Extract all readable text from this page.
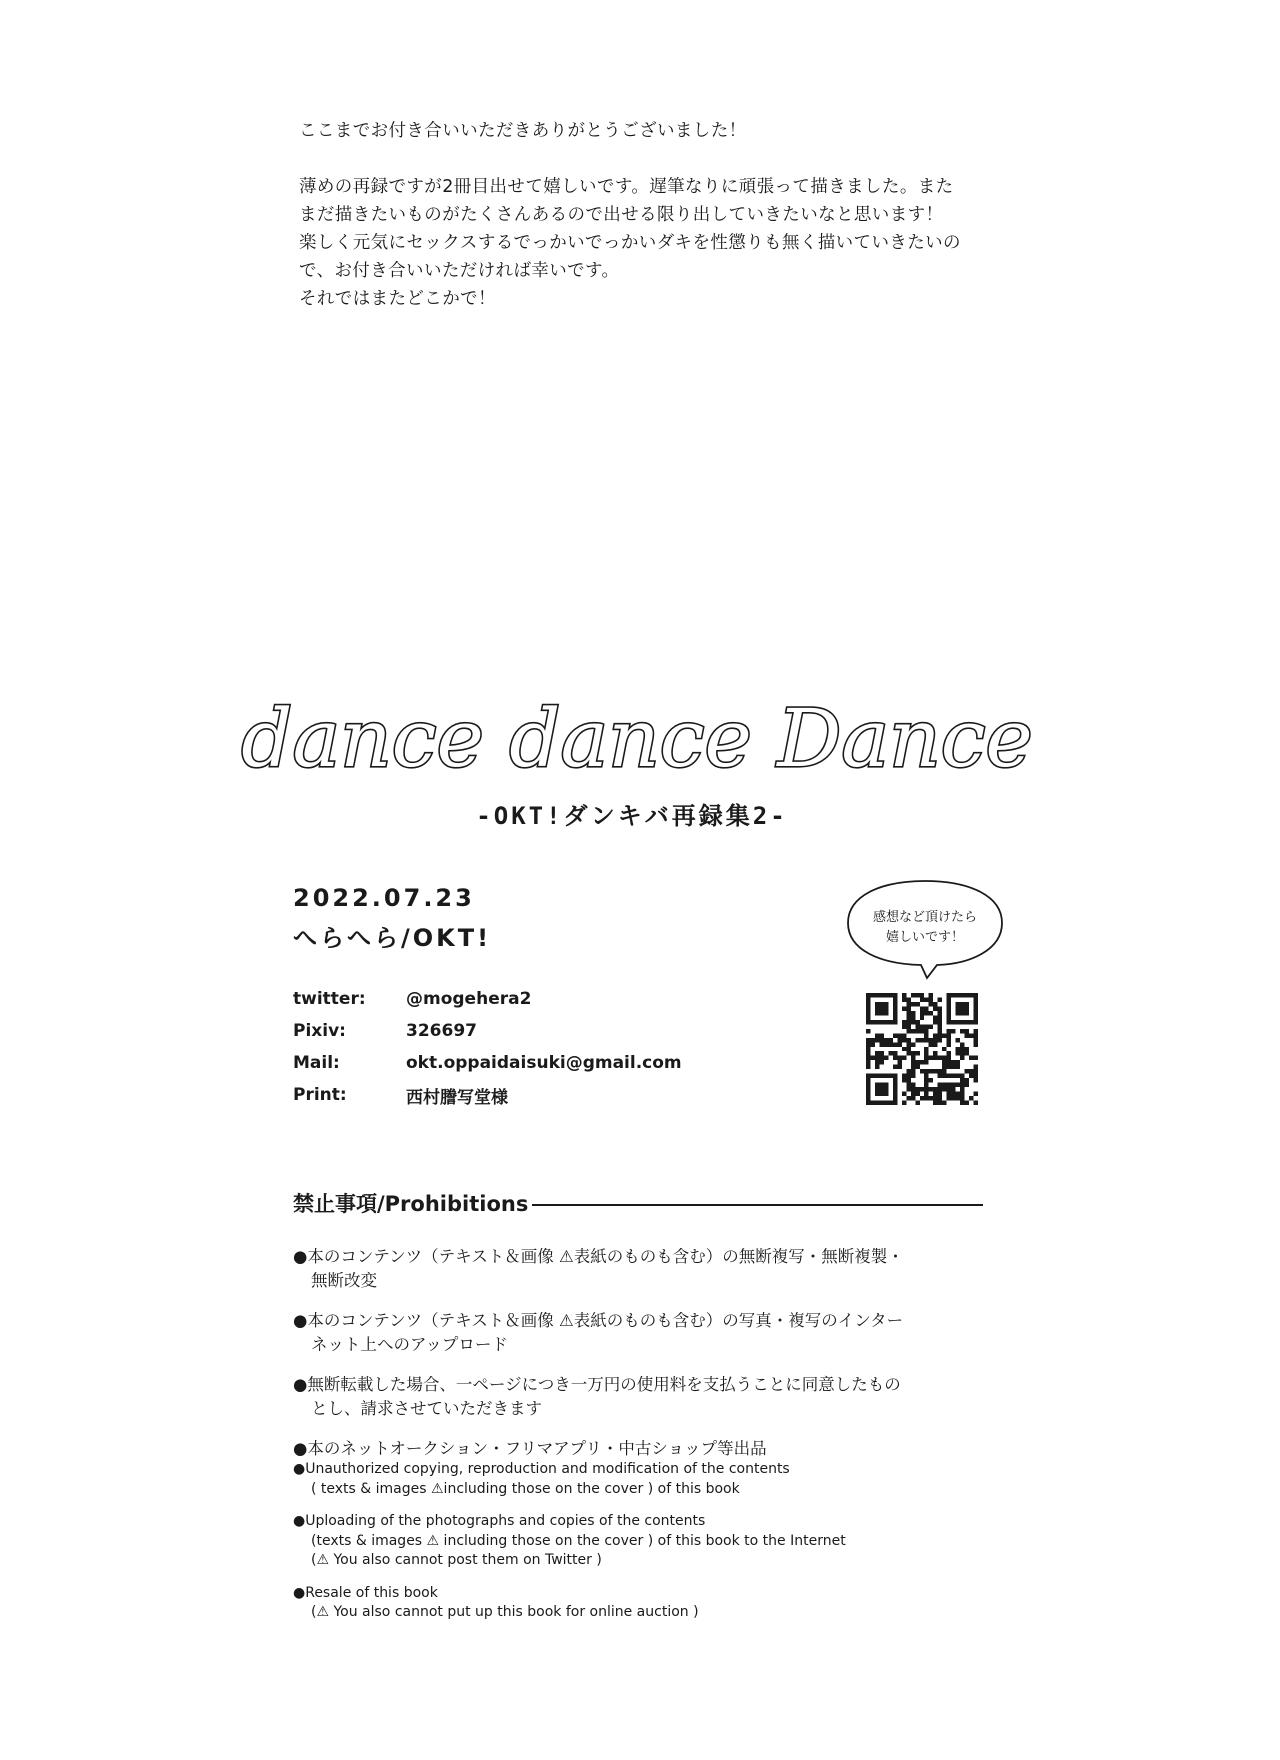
ここまでお付き合いいただきありがとうございました！

薄めの再録ですが2冊目出せて嬉しいです。遅筆なりに頑張って描きました。また

まだ描きたいものがたくさんあるので出せる限り出していきたいなと思います！

楽しく元気にセックスするでっかいでっかいダキを性懲りも無く描いていきたいの

で、お付き合いいただければ幸いです。

それではまたどこかで！

dance dance Dance
-OKT!ダンキバ再録集2-
2022.07.23
へらへら/OKT!
twitter:	@mogehera2
Pixiv:	326697
Mail:	okt.oppaidaisuki@gmail.com
Print:	西村謄写堂様
感想など頂けたら
嬉しいです！
禁止事項/Prohibitions
●本のコンテンツ（テキスト＆画像 ⚠表紙のものも含む）の無断複写・無断複製・
無断改変
●本のコンテンツ（テキスト＆画像 ⚠表紙のものも含む）の写真・複写のインター
ネット上へのアップロード
●無断転載した場合、一ページにつき一万円の使用料を支払うことに同意したもの
とし、請求させていただきます
●本のネットオークション・フリマアプリ・中古ショップ等出品
●Unauthorized copying, reproduction and modification of the contents
( texts & images ⚠including those on the cover ) of this book
●Uploading of the photographs and copies of the contents
(texts & images ⚠ including those on the cover ) of this book to the Internet
(⚠ You also cannot post them on Twitter )
●Resale of this book
(⚠ You also cannot put up this book for online auction )
